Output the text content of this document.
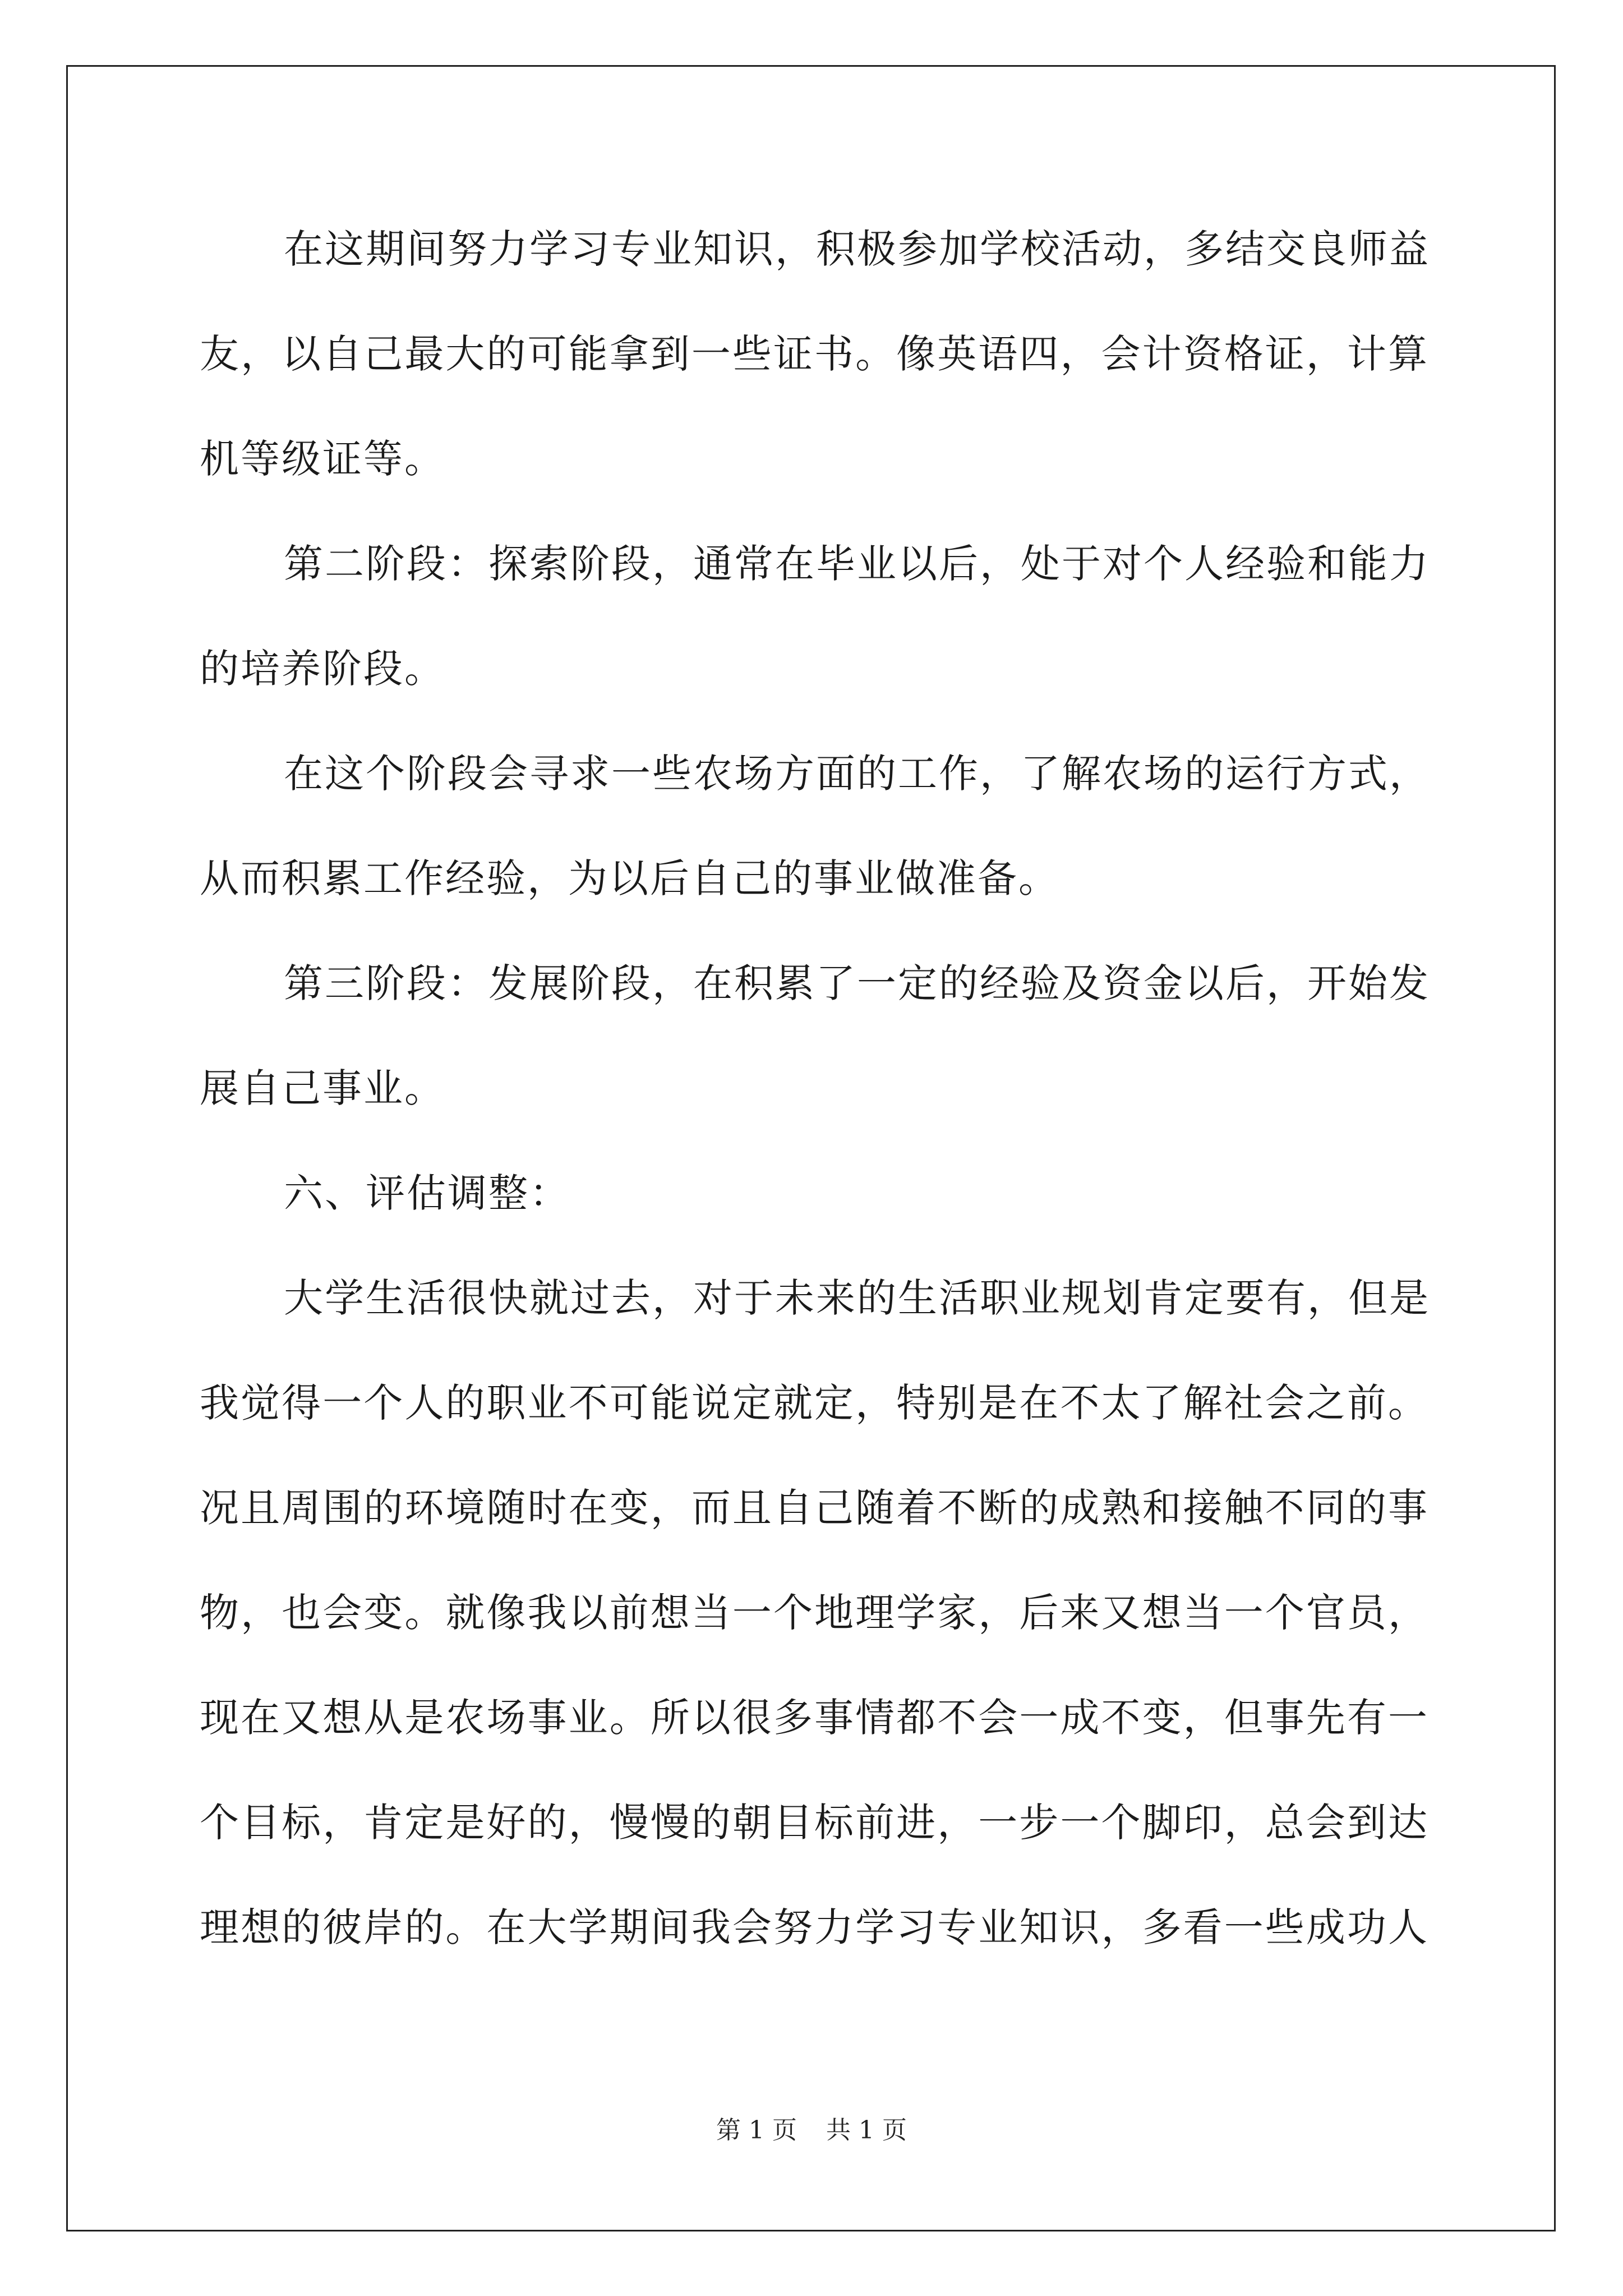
在这期间努力学习专业知识，积极参加学校活动，多结交良师益
友，以自己最大的可能拿到一些证书。像英语四，会计资格证，计算
机等级证等。
第二阶段：探索阶段，通常在毕业以后，处于对个人经验和能力
的培养阶段。
在这个阶段会寻求一些农场方面的工作，了解农场的运行方式，
从而积累工作经验，为以后自己的事业做准备。
第三阶段：发展阶段，在积累了一定的经验及资金以后，开始发
展自己事业。
六、评估调整：
大学生活很快就过去，对于未来的生活职业规划肯定要有，但是
我觉得一个人的职业不可能说定就定，特别是在不太了解社会之前。
况且周围的环境随时在变，而且自己随着不断的成熟和接触不同的事
物，也会变。就像我以前想当一个地理学家，后来又想当一个官员，
现在又想从是农场事业。所以很多事情都不会一成不变，但事先有一
个目标，肯定是好的，慢慢的朝目标前进，一步一个脚印，总会到达
理想的彼岸的。在大学期间我会努力学习专业知识，多看一些成功人
第 1 页 共 1 页
